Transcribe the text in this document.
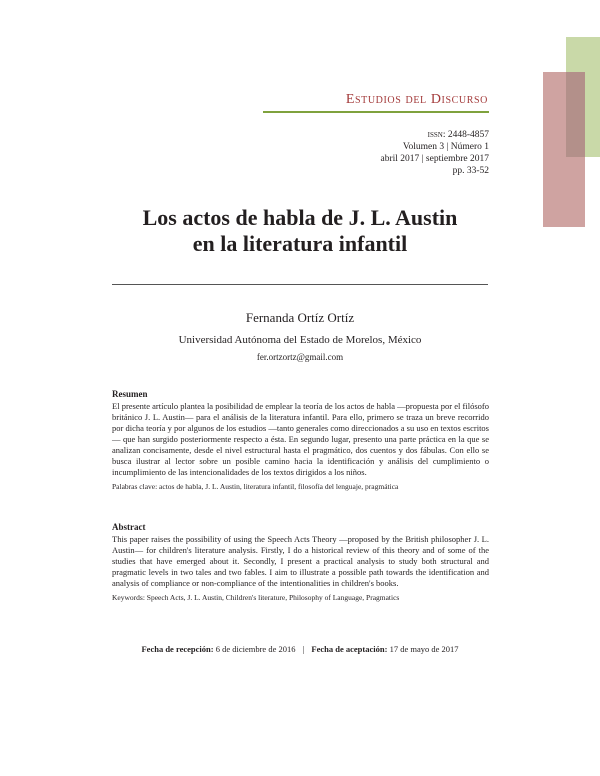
Estudios del Discurso
issn: 2448-4857
Volumen 3 | Número 1
abril 2017 | septiembre 2017
pp. 33-52
Los actos de habla de J. L. Austin
en la literatura infantil
Fernanda Ortíz Ortíz
Universidad Autónoma del Estado de Morelos, México
fer.ortzortz@gmail.com
Resumen
El presente artículo plantea la posibilidad de emplear la teoría de los actos de habla —propuesta por el filósofo británico J. L. Austin— para el análisis de la literatura infantil. Para ello, primero se traza un breve recorrido por dicha teoría y por algunos de los estudios —tanto generales como direccionados a su uso en textos escritos— que han surgido posteriormente respecto a ésta. En segundo lugar, presento una parte práctica en la que se analizan concisamente, desde el nivel estructural hasta el pragmático, dos cuentos y dos fábulas. Con ello se busca ilustrar al lector sobre un posible camino hacia la identificación y análisis del cumplimiento o incumplimiento de las intencionalidades de los textos dirigidos a los niños.
Palabras clave: actos de habla, J. L. Austin, literatura infantil, filosofía del lenguaje, pragmática
Abstract
This paper raises the possibility of using the Speech Acts Theory —proposed by the British philosopher J. L. Austin— for children's literature analysis. Firstly, I do a historical review of this theory and of some of the studies that have emerged about it. Secondly, I present a practical analysis to study both structural and pragmatic levels in two tales and two fables. I aim to illustrate a possible path towards the identification and analysis of compliance or non-compliance of the intentionalities in children's books.
Keywords: Speech Acts, J. L. Austin, Children's literature, Philosophy of Language, Pragmatics
Fecha de recepción: 6 de diciembre de 2016 | Fecha de aceptación: 17 de mayo de 2017
